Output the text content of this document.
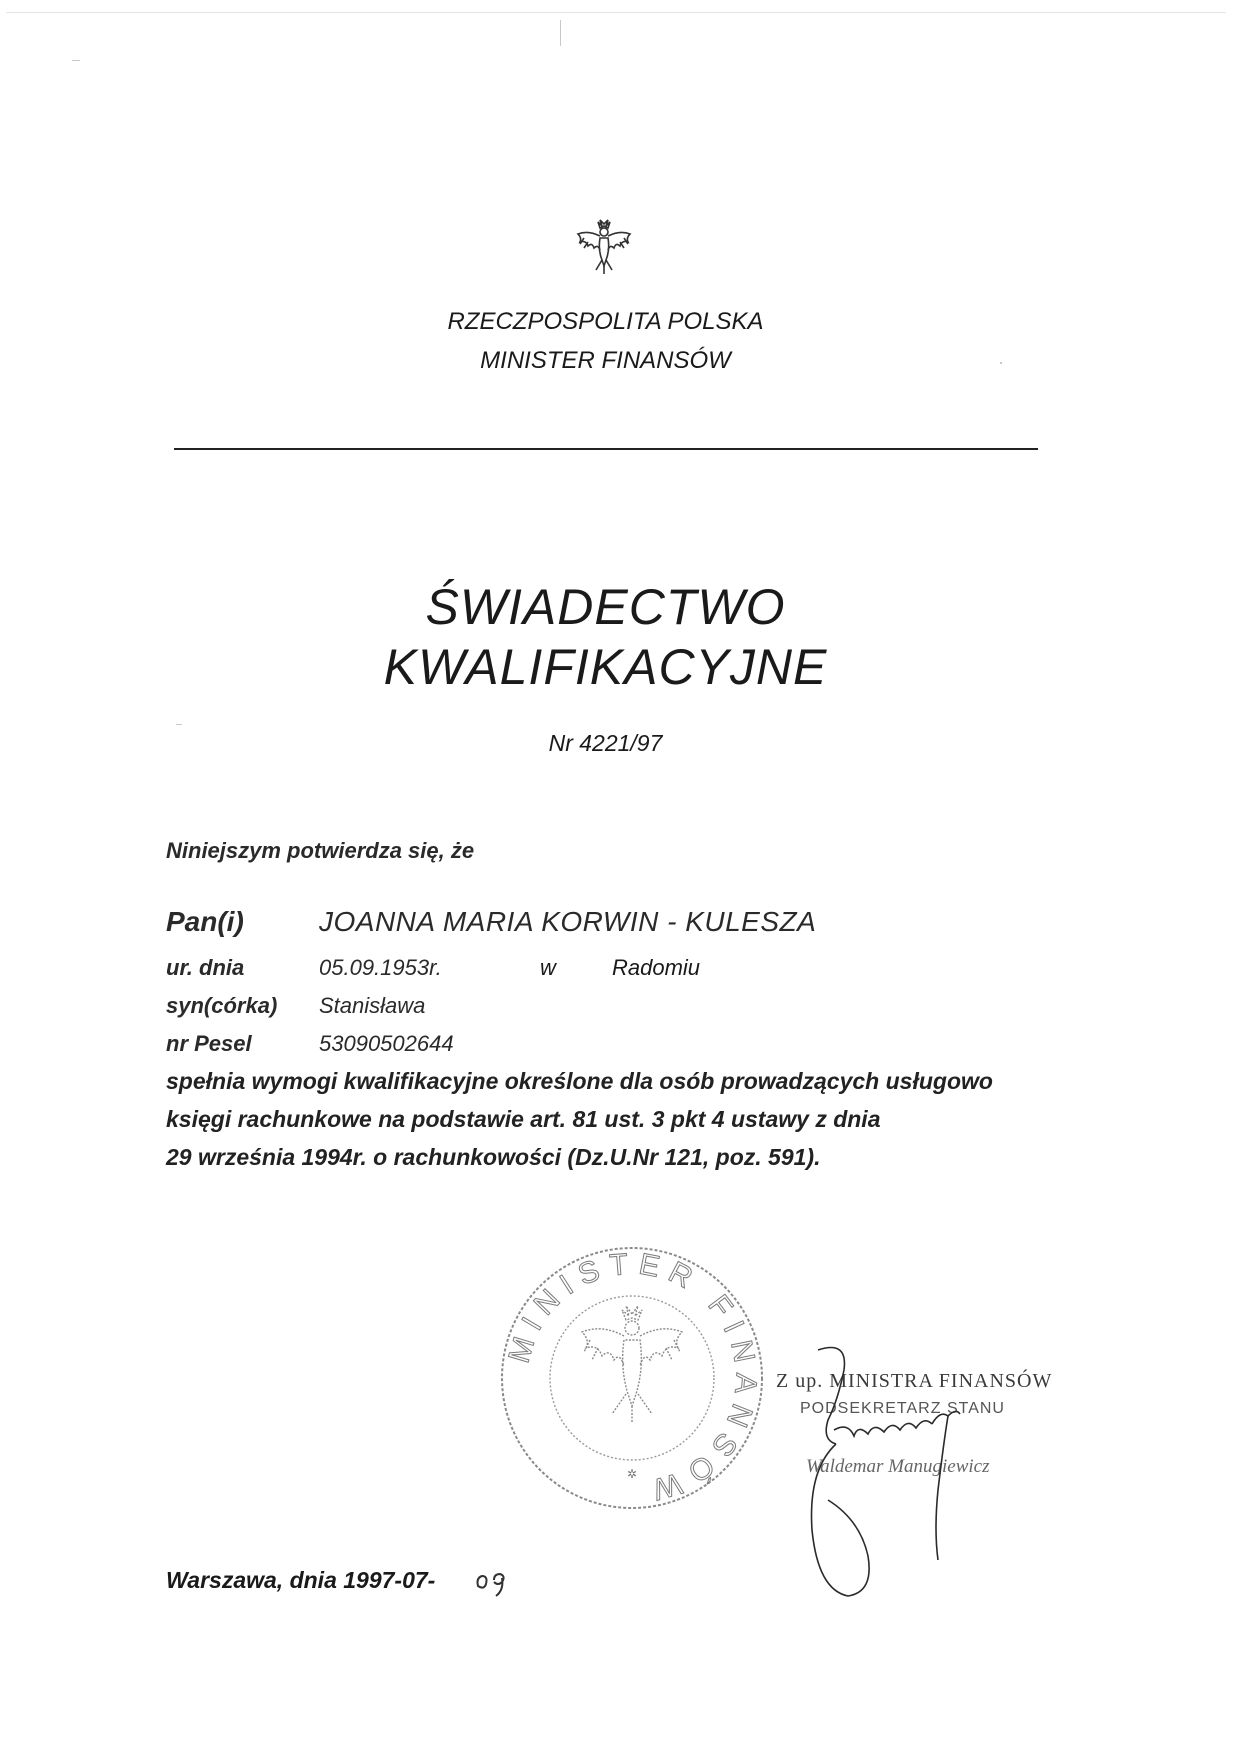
RZECZPOSPOLITA POLSKA
MINISTER FINANSÓW
ŚWIADECTWO
KWALIFIKACYJNE
Nr 4221/97
Niniejszym potwierdza się, że
Pan(i)	JOANNA MARIA KORWIN - KULESZA
ur. dnia	05.09.1953r.	w	Radomiu
syn(córka) Stanisława
nr Pesel	53090502644
spełnia wymogi kwalifikacyjne określone dla osób prowadzących usługowo
księgi rachunkowe na podstawie art. 81 ust. 3 pkt 4 ustawy z dnia
29 września 1994r. o rachunkowości (Dz.U.Nr 121, poz. 591).
MINISTER FINANSÓW
✲
Warszawa, dnia 1997-07-
Z up. MINISTRA FINANSÓW
PODSEKRETARZ STANU
Waldemar Manugiewicz
